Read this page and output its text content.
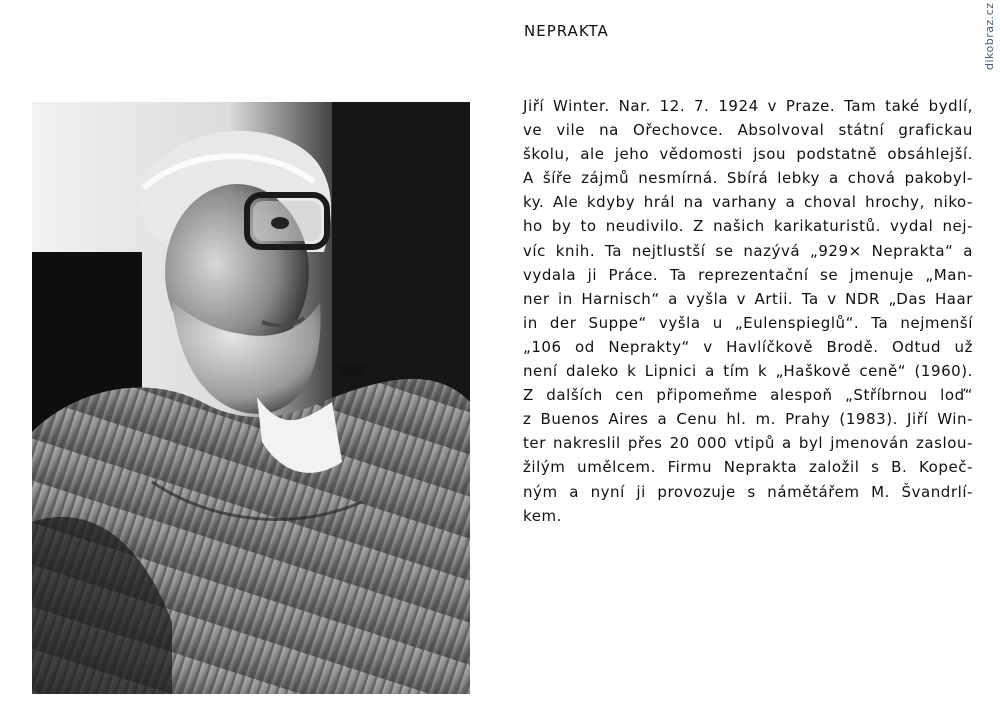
NEPRAKTA	dikobraz.cz
Jiří Winter. Nar. 12. 7. 1924 v Praze. Tam také bydlí,
ve vile na Ořechovce. Absolvoval státní grafickau
školu, ale jeho vědomosti jsou podstatně obsáhlejší.
A šíře zájmů nesmírná. Sbírá lebky a chová pakobyl-
ky. Ale kdyby hrál na varhany a choval hrochy, niko-
ho by to neudivilo. Z našich karikaturistů. vydal nej-
víc knih. Ta nejtlustší se nazývá „929× Neprakta“ a
vydala ji Práce. Ta reprezentační se jmenuje „Man-
ner in Harnisch“ a vyšla v Artii. Ta v NDR „Das Haar
in der Suppe“ vyšla u „Eulenspieglů“. Ta nejmenší
„106 od Neprakty“ v Havlíčkově Brodě. Odtud už
není daleko k Lipnici a tím k „Haškově ceně“ (1960).
Z dalších cen připomeňme alespoň „Stříbrnou loď“
z Buenos Aires a Cenu hl. m. Prahy (1983). Jiří Win-
ter nakreslil přes 20 000 vtipů a byl jmenován zaslou-
žilým umělcem. Firmu Neprakta založil s B. Kopeč-
ným a nyní ji provozuje s námětářem M. Švandrlí-
kem.
